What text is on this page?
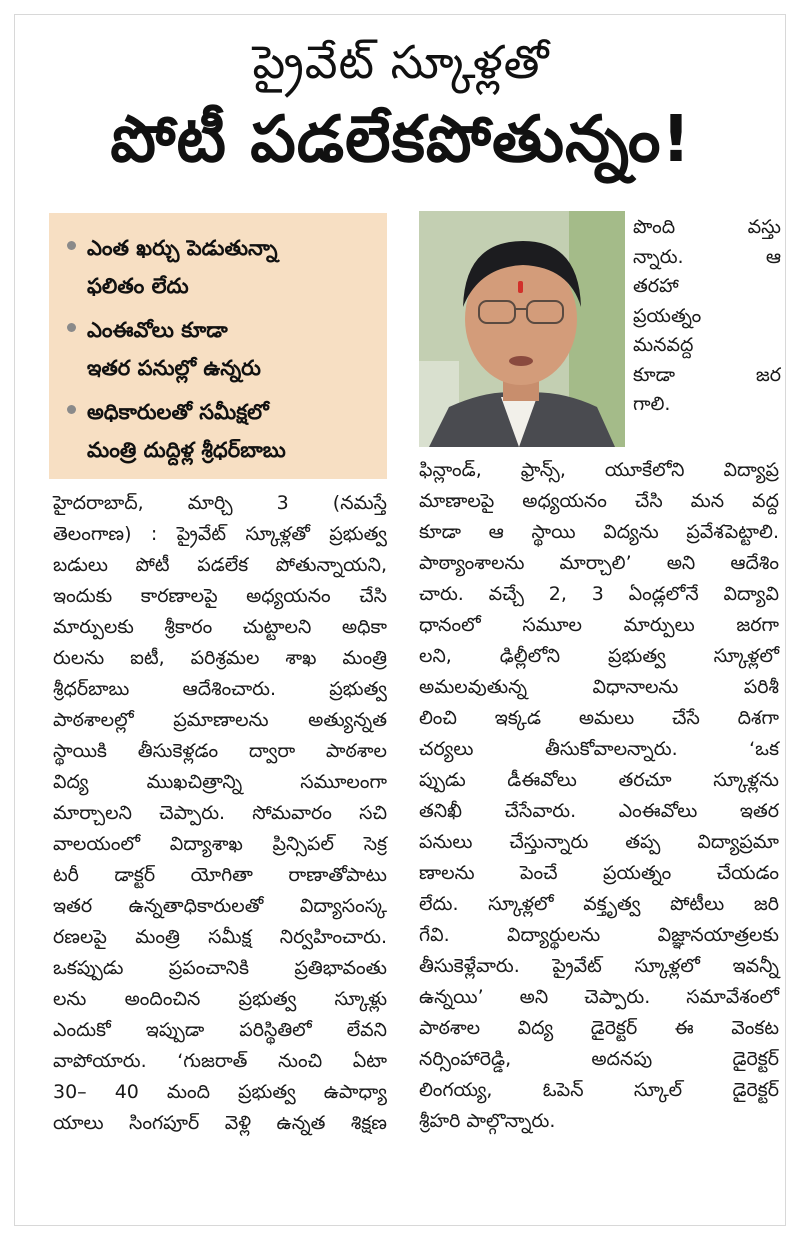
ప్రైవేట్ స్కూళ్లతో
పోటీ పడలేకపోతున్నం!
ఎంత ఖర్చు పెడుతున్నా
ఫలితం లేదు
ఎంఈవోలు కూడా
ఇతర పనుల్లో ఉన్నరు
అధికారులతో సమీక్షలో
మంత్రి దుద్దిళ్ల శ్రీధర్‌బాబు
పొంది వస్తు
న్నారు. ఆ
తరహా
ప్రయత్నం
మనవద్ద
కూడా జర
గాలి.
హైదరాబాద్, మార్చి 3 (నమస్తే
తెలంగాణ) : ప్రైవేట్ స్కూళ్లతో ప్రభుత్వ
బడులు పోటీ పడలేక పోతున్నాయని,
ఇందుకు కారణాలపై అధ్యయనం చేసి
మార్పులకు శ్రీకారం చుట్టాలని అధికా
రులను ఐటీ, పరిశ్రమల శాఖ మంత్రి
శ్రీధర్‌బాబు ఆదేశించారు. ప్రభుత్వ
పాఠశాలల్లో ప్రమాణాలను అత్యున్నత
స్థాయికి తీసుకెళ్లడం ద్వారా పాఠశాల
విద్య ముఖచిత్రాన్ని సమూలంగా
మార్చాలని చెప్పారు. సోమవారం సచి
వాలయంలో విద్యాశాఖ ప్రిన్సిపల్ సెక్ర
టరీ డాక్టర్ యోగితా రాణాతోపాటు
ఇతర ఉన్నతాధికారులతో విద్యాసంస్క
రణలపై మంత్రి సమీక్ష నిర్వహించారు.
ఒకప్పుడు ప్రపంచానికి ప్రతిభావంతు
లను అందించిన ప్రభుత్వ స్కూళ్లు
ఎందుకో ఇప్పుడా పరిస్థితిలో లేవని
వాపోయారు. ‘గుజరాత్ నుంచి ఏటా
30– 40 మంది ప్రభుత్వ ఉపాధ్యా
యాలు సింగపూర్ వెళ్లి ఉన్నత శిక్షణ
ఫిన్లాండ్, ఫ్రాన్స్, యూకేలోని విద్యాప్ర
మాణాలపై అధ్యయనం చేసి మన వద్ద
కూడా ఆ స్థాయి విద్యను ప్రవేశపెట్టాలి.
పాఠ్యాంశాలను మార్చాలి’ అని ఆదేశిం
చారు. వచ్చే 2, 3 ఏండ్లలోనే విద్యావి
ధానంలో సమూల మార్పులు జరగా
లని, ఢిల్లీలోని ప్రభుత్వ స్కూళ్లలో
అమలవుతున్న విధానాలను పరిశీ
లించి ఇక్కడ అమలు చేసే దిశగా
చర్యలు తీసుకోవాలన్నారు. ‘ఒక
ప్పుడు డీఈవోలు తరచూ స్కూళ్లను
తనిఖీ చేసేవారు. ఎంఈవోలు ఇతర
పనులు చేస్తున్నారు తప్ప విద్యాప్రమా
ణాలను పెంచే ప్రయత్నం చేయడం
లేదు. స్కూళ్లలో వక్తృత్వ పోటీలు జరి
గేవి. విద్యార్థులను విజ్ఞానయాత్రలకు
తీసుకెళ్లేవారు. ప్రైవేట్ స్కూళ్లలో ఇవన్నీ
ఉన్నయి’ అని చెప్పారు. సమావేశంలో
పాఠశాల విద్య డైరెక్టర్ ఈ వెంకట
నర్సింహారెడ్డి, అదనపు డైరెక్టర్
లింగయ్య, ఓపెన్ స్కూల్ డైరెక్టర్
శ్రీహరి పాల్గొన్నారు.
